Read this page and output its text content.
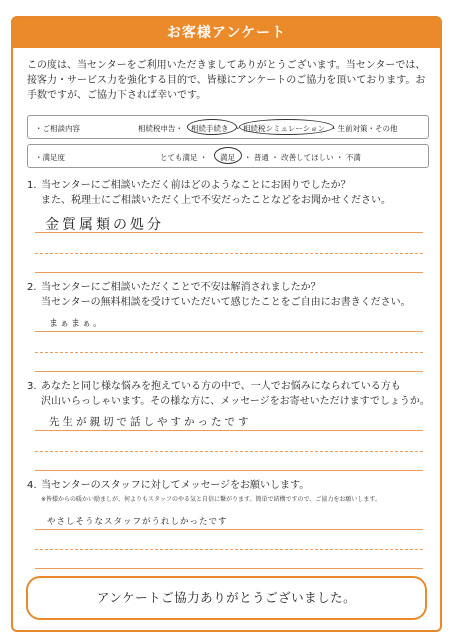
お客様アンケート
この度は、当センターをご利用いただきましてありがとうございます。当センターでは、接客力・サービス力を強化する目的で、皆様にアンケートのご協力を頂いております。お手数ですが、ご協力下されば幸いです。
・ご相談内容	相続税申告・ 相続手続き ・ 相続税シミュレーション ・生前対策・その他
・満足度	とても満足 ・ 満足 ・ 普通 ・ 改善してほしい ・ 不満
1. 当センターにご相談いただく前はどのようなことにお困りでしたか？
また、税理士にご相談いただく上で不安だったことなどをお聞かせください。
金質属類の処分
2. 当センターにご相談いただくことで不安は解消されましたか？
当センターの無料相談を受けていただいて感じたことをご自由にお書きください。
まぁまぁ。
3. あなたと同じ様な悩みを抱えている方の中で、一人でお悩みになられている方も
沢山いらっしゃいます。その様な方に、メッセージをお寄せいただけますでしょうか。
先生が親切で話しやすかったです
4. 当センターのスタッフに対してメッセージをお願いします。
※皆様からの暖かい励ましが、何よりもスタッフのやる気と自信に繋がります。簡単で結構ですので、ご協力をお願いします。
やさしそうなスタッフがうれしかったです
アンケートご協力ありがとうございました。
